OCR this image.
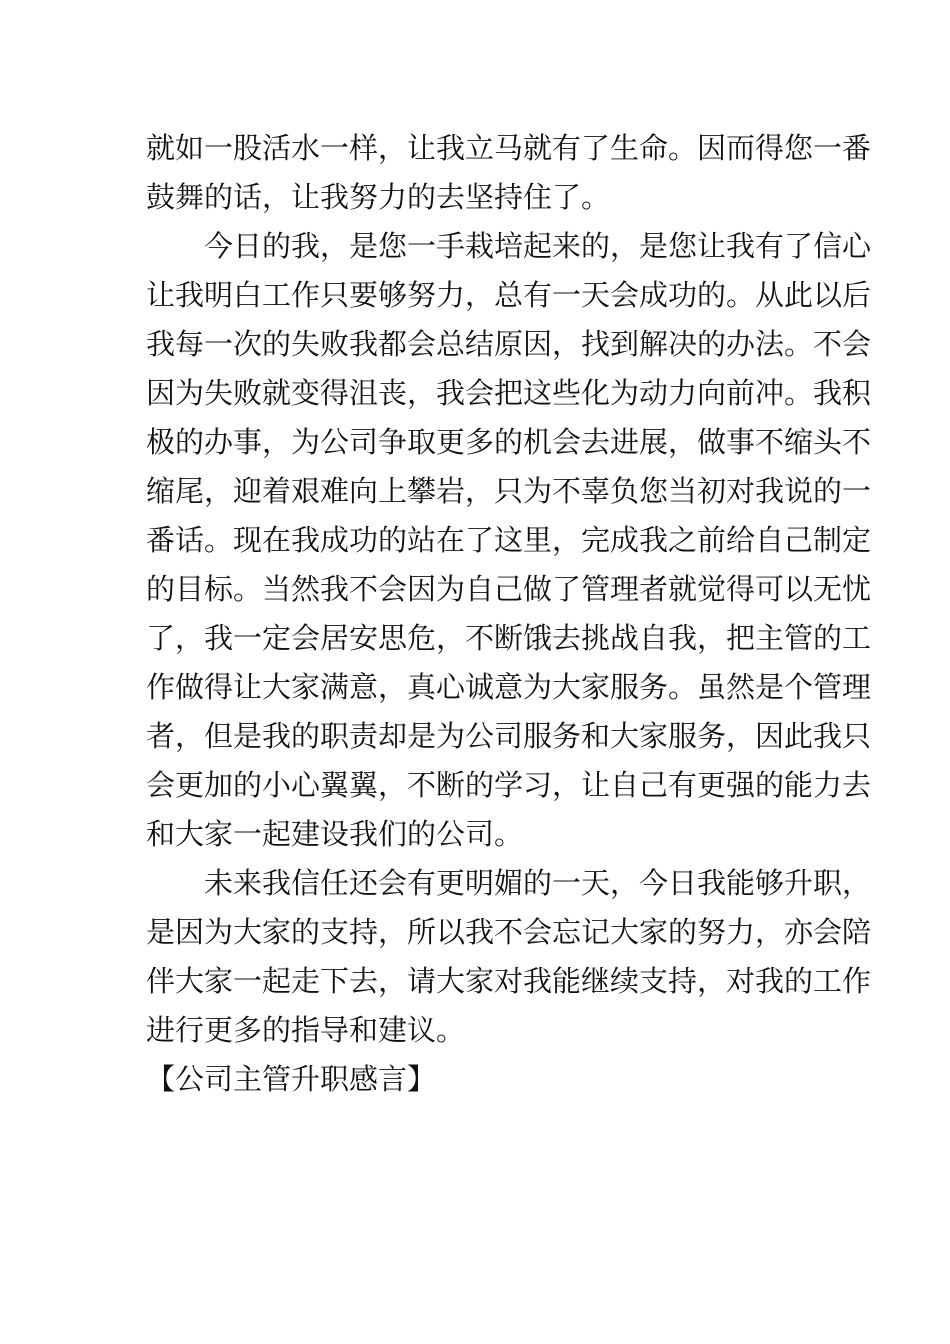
就如一股活水一样，让我立马就有了生命。因而得您一番
鼓舞的话，让我努力的去坚持住了。
今日的我，是您一手栽培起来的，是您让我有了信心
让我明白工作只要够努力，总有一天会成功的。从此以后
我每一次的失败我都会总结原因，找到解决的办法。不会
因为失败就变得沮丧，我会把这些化为动力向前冲。我积
极的办事，为公司争取更多的机会去进展，做事不缩头不
缩尾，迎着艰难向上攀岩，只为不辜负您当初对我说的一
番话。现在我成功的站在了这里，完成我之前给自己制定
的目标。当然我不会因为自己做了管理者就觉得可以无忧
了，我一定会居安思危，不断饿去挑战自我，把主管的工
作做得让大家满意，真心诚意为大家服务。虽然是个管理
者，但是我的职责却是为公司服务和大家服务，因此我只
会更加的小心翼翼，不断的学习，让自己有更强的能力去
和大家一起建设我们的公司。
未来我信任还会有更明媚的一天，今日我能够升职，
是因为大家的支持，所以我不会忘记大家的努力，亦会陪
伴大家一起走下去，请大家对我能继续支持，对我的工作
进行更多的指导和建议。
【公司主管升职感言】
